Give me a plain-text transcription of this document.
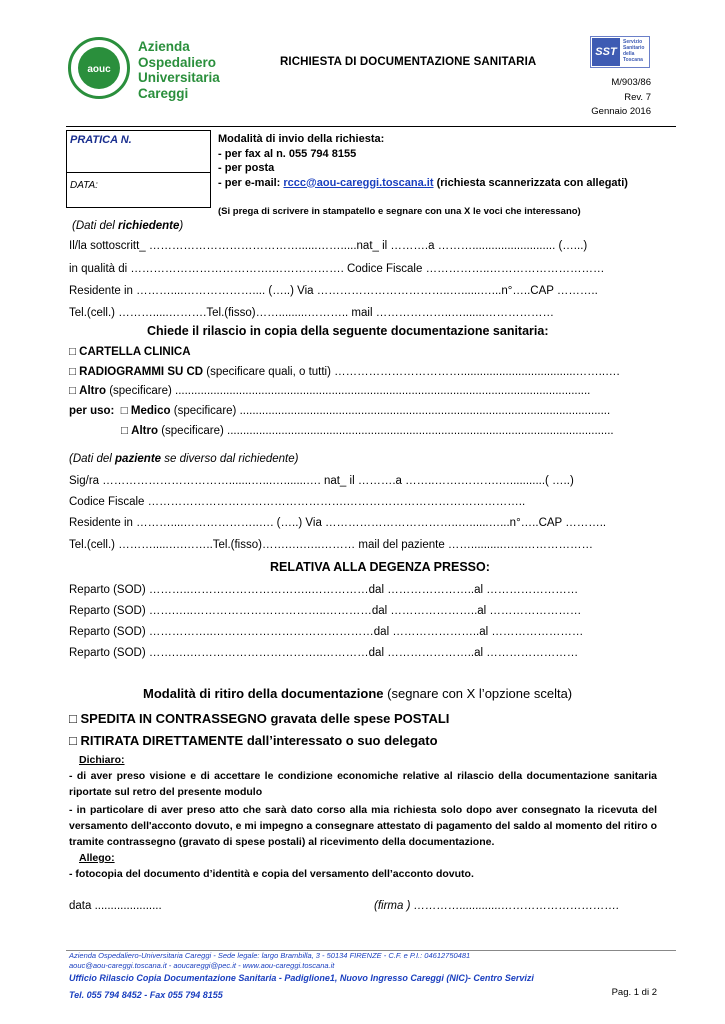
aouc
Azienda
Ospedaliero
Universitaria
Careggi
RICHIESTA DI DOCUMENTAZIONE SANITARIA
SST
Servizio
Sanitario
della
Toscana
M/903/86
Rev. 7
Gennaio 2016
PRATICA N.
DATA:
Modalità di invio della richiesta:
- per fax al n. 055 794 8155
- per posta
- per e-mail: rccc@aou-careggi.toscana.it (richiesta scannerizzata con allegati)
(Si prega di scrivere in stampatello e segnare con una X le voci che interessano)
(Dati del richiedente)
Il/la sottoscritt_ …………………………………......…….....nat_ il ……….a ……….......................... (…...)
in qualità di ……………………………….………………. Codice Fiscale ……………..…………………………
Residente in ………....……………….... (…..) Via ……………………………..…......…...n°…..CAP ………..
Tel.(cell.) ……….....……….Tel.(fisso)…….........……….. mail ………………..….......………………
Chiede il rilascio in copia della seguente documentazione sanitaria:
□ CARTELLA CLINICA
□ RADIOGRAMMI SU CD (specificare quali, o tutti) ……………………………....................................……..….
□ Altro (specificare) ..................................................................................................................................
per uso: □ Medico (specificare) ....................................................................................................................
□ Altro (specificare) .........................................................................................................................
(Dati del paziente se diverso dal richiedente)
Sig/ra …………………………….......…...….......…. nat_ il ……….a ……..…….……….…...........( …..)
Codice Fiscale …………………………………………….………………………………………..
Residente in ………....………………..…. (…..) Via ……………………………..…......…...n°…..CAP ………..
Tel.(cell.) ……….....….……..Tel.(fisso)…….….…..……… mail del paziente ……..........…...………………
RELATIVA ALLA DEGENZA PRESSO:
Reparto (SOD) ………..…………………………..……………dal …………………..al ……………………
Reparto (SOD) …….…..……………………………..…………dal …………………..al ……………………
Reparto (SOD) ……………..……………………………………dal …………………..al ……………………
Reparto (SOD) …….….……………………………..…………dal …………………..al ……………………
Modalità di ritiro della documentazione (segnare con X l’opzione scelta)
□ SPEDITA IN CONTRASSEGNO gravata delle spese POSTALI
□ RITIRATA DIRETTAMENTE dall’interessato o suo delegato
Dichiaro:
- di aver preso visione e di accettare le condizione economiche relative al rilascio della documentazione sanitaria riportate sul retro del presente modulo
- in particolare di aver preso atto che sarà dato corso alla mia richiesta solo dopo aver consegnato la ricevuta del versamento dell'acconto dovuto, e mi impegno a consegnare attestato di pagamento del saldo al momento del ritiro o tramite contrassegno (gravato di spese postali) al ricevimento della documentazione.
Allego:
- fotocopia del documento d’identità e copia del versamento dell’acconto dovuto.
data .....................	(firma ) ………….............………………………….
Azienda Ospedaliero-Universitaria Careggi - Sede legale: largo Brambilla, 3 - 50134 FIRENZE - C.F. e P.I.: 04612750481
aouc@aou-careggi.toscana.it - aoucareggi@pec.it - www.aou-careggi.toscana.it
Ufficio Rilascio Copia Documentazione Sanitaria - Padiglione1, Nuovo Ingresso Careggi (NIC)- Centro Servizi
Tel. 055 794 8452 - Fax 055 794 8155	Pag. 1 di 2
